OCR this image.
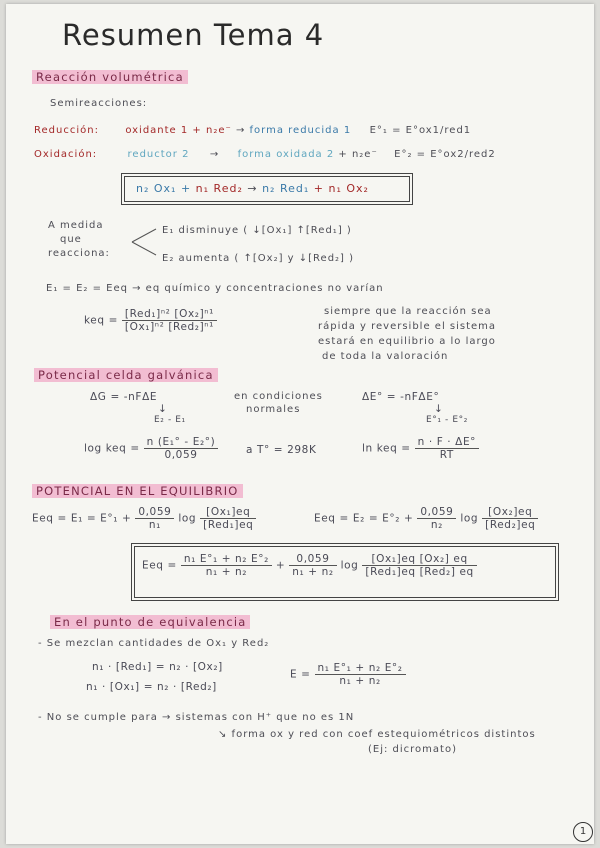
Resumen Tema 4
Reacción volumétrica
Semireacciones:
Reducción:	oxidante 1 + n₂e⁻ → forma reducida 1 E°₁ = E°ox1/red1
Oxidación:	reductor 2 → forma oxidada 2 + n₂e⁻ E°₂ = E°ox2/red2
n₂ Ox₁ + n₁ Red₂ → n₂ Red₁ + n₁ Ox₂
A medida
que
reacciona:
E₁ disminuye ( ↓[Ox₁] ↑[Red₁] )
E₂ aumenta ( ↑[Ox₂] y ↓[Red₂] )
E₁ = E₂ = Eeq → eq químico y concentraciones no varían
keq = $\frac{\text{[Red₁]ⁿ² [Ox₂]ⁿ¹}}{\text{[Ox₁]ⁿ² [Red₂]ⁿ¹}}$	siempre que la reacción sea
rápida y reversible el sistema
estará en equilibrio a lo largo
de toda la valoración
Potencial celda galvánica
ΔG = -nFΔE
↓
E₂ - E₁
en condiciones
normales
ΔE° = -nFΔE°
↓
E°₁ - E°₂
log keq = $\frac{\text{n (E₁° - E₂°)}}{0,059}$	a T° = 298K	ln keq = $\frac{n \cdot F \cdot \Delta E^\circ}{RT}$
POTENCIAL EN EL EQUILIBRIO
Eeq = $E_1 = E^\circ_1 + \frac{0,059}{\text{n₁}}$ $\log \frac{\text{[Ox₁]eq}}{\text{[Red₁]eq}}$	Eeq = $E_2 = E^\circ_2 + \frac{0,059}{\text{n₂}}$ $\log \frac{\text{[Ox₂]eq}}{\text{[Red₂]eq}}$
Eeq = $\frac{\text{n₁ E°₁ + n₂ E°₂}}{\text{n₁ + n₂}} + \frac{0,059}{\text{n₁ + n₂}}$ $\log \frac{\text{[Ox₁]eq [Ox₂] eq}}{\text{[Red₁]eq [Red₂] eq}}$
En el punto de equivalencia
- Se mezclan cantidades de Ox₁ y Red₂
n₁ · [Red₁] = n₂ · [Ox₂]
n₁ · [Ox₁] = n₂ · [Red₂]
$E = \frac{\text{n₁ E°₁ + n₂ E°₂}}{\text{n₁ + n₂}}$
- No se cumple para → sistemas con H⁺ que no es 1N
↘ forma ox y red con coef estequiométricos distintos
(Ej: dicromato)
1
